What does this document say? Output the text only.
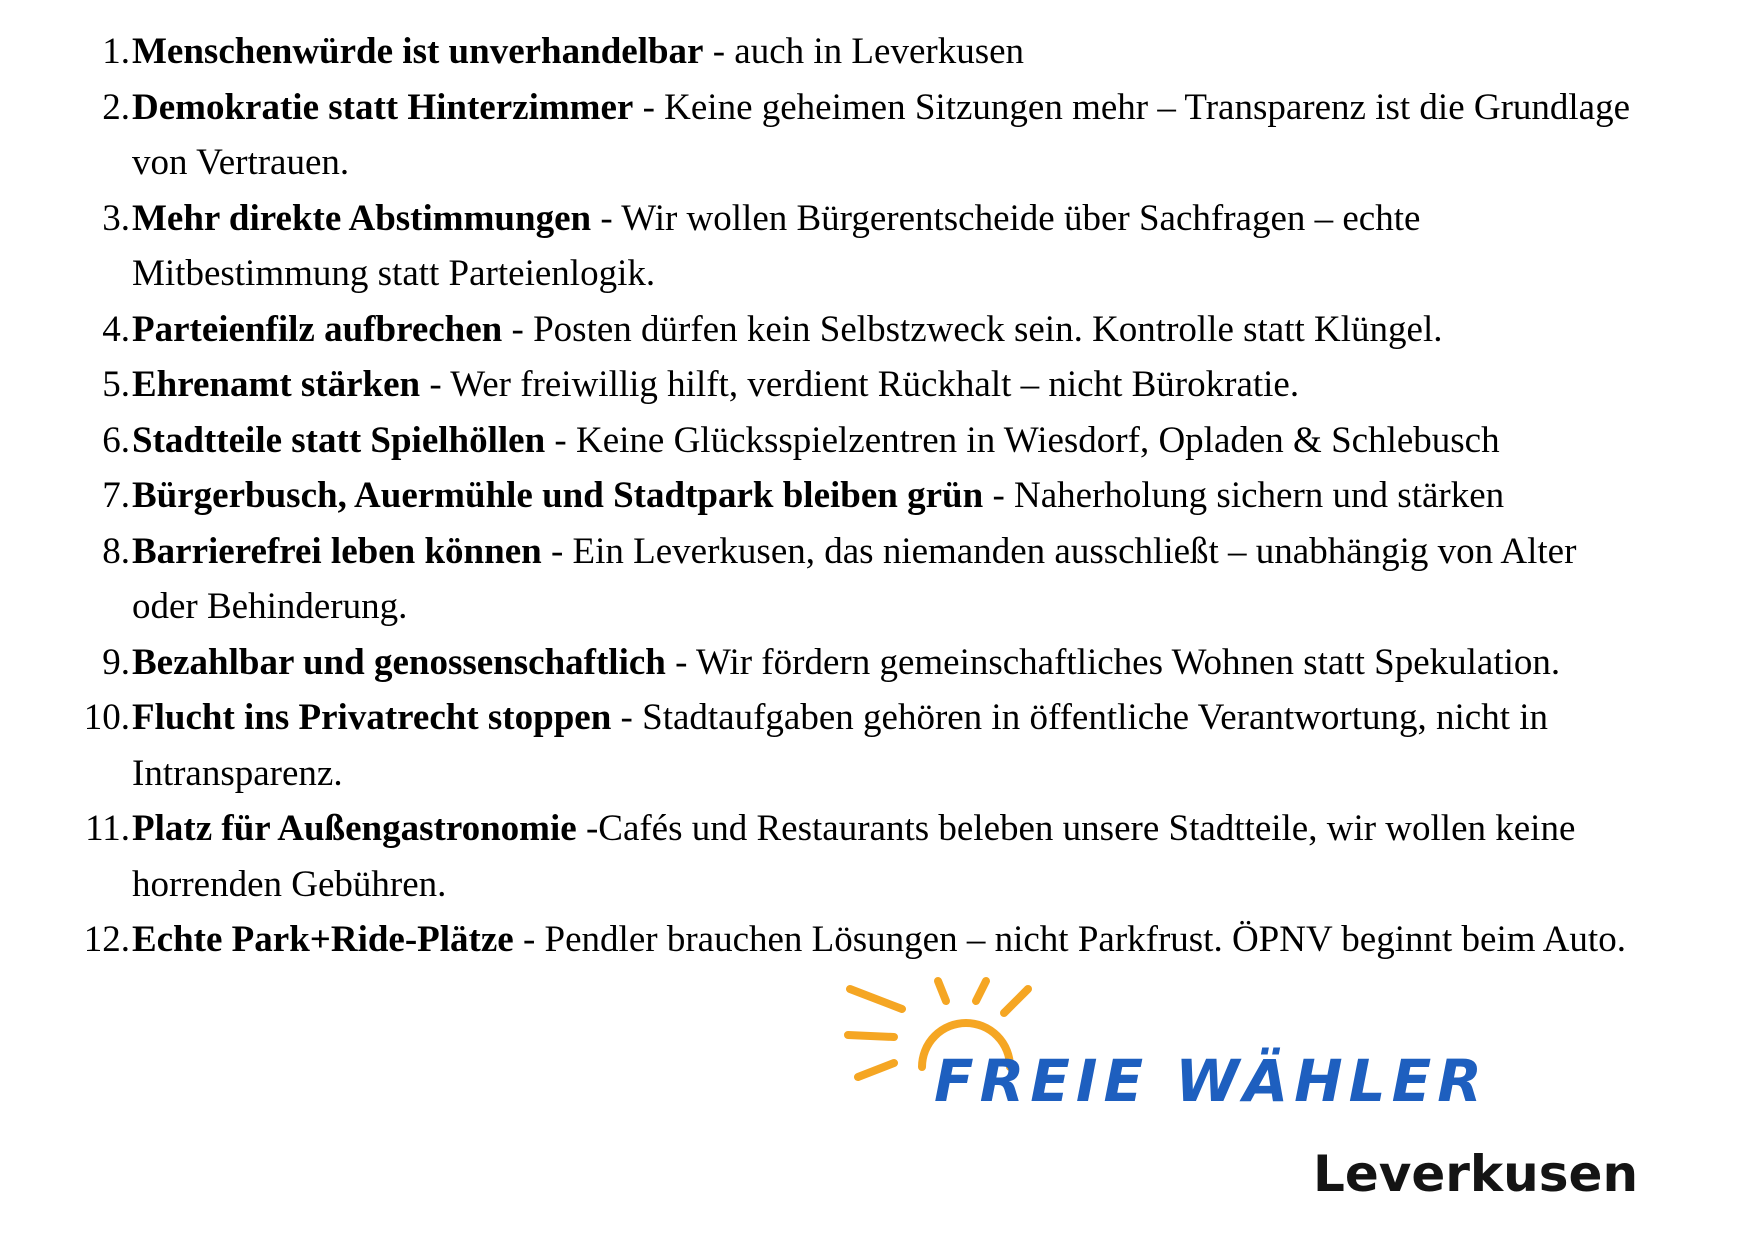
1. Menschenwürde ist unverhandelbar - auch in Leverkusen
2. Demokratie statt Hinterzimmer - Keine geheimen Sitzungen mehr – Transparenz ist die Grundlage von Vertrauen.
3. Mehr direkte Abstimmungen - Wir wollen Bürgerentscheide über Sachfragen – echte Mitbestimmung statt Parteienlogik.
4. Parteienfilz aufbrechen - Posten dürfen kein Selbstzweck sein. Kontrolle statt Klüngel.
5. Ehrenamt stärken - Wer freiwillig hilft, verdient Rückhalt – nicht Bürokratie.
6. Stadtteile statt Spielhöllen - Keine Glücksspielzentren in Wiesdorf, Opladen & Schlebusch
7. Bürgerbusch, Auermühle und Stadtpark bleiben grün - Naherholung sichern und stärken
8. Barrierefrei leben können - Ein Leverkusen, das niemanden ausschließt – unabhängig von Alter oder Behinderung.
9. Bezahlbar und genossenschaftlich - Wir fördern gemeinschaftliches Wohnen statt Spekulation.
10. Flucht ins Privatrecht stoppen - Stadtaufgaben gehören in öffentliche Verantwortung, nicht in Intransparenz.
11. Platz für Außengastronomie -Cafés und Restaurants beleben unsere Stadtteile, wir wollen keine horrenden Gebühren.
12. Echte Park+Ride-Plätze - Pendler brauchen Lösungen – nicht Parkfrust. ÖPNV beginnt beim Auto.
FREIE WÄHLER
Leverkusen
